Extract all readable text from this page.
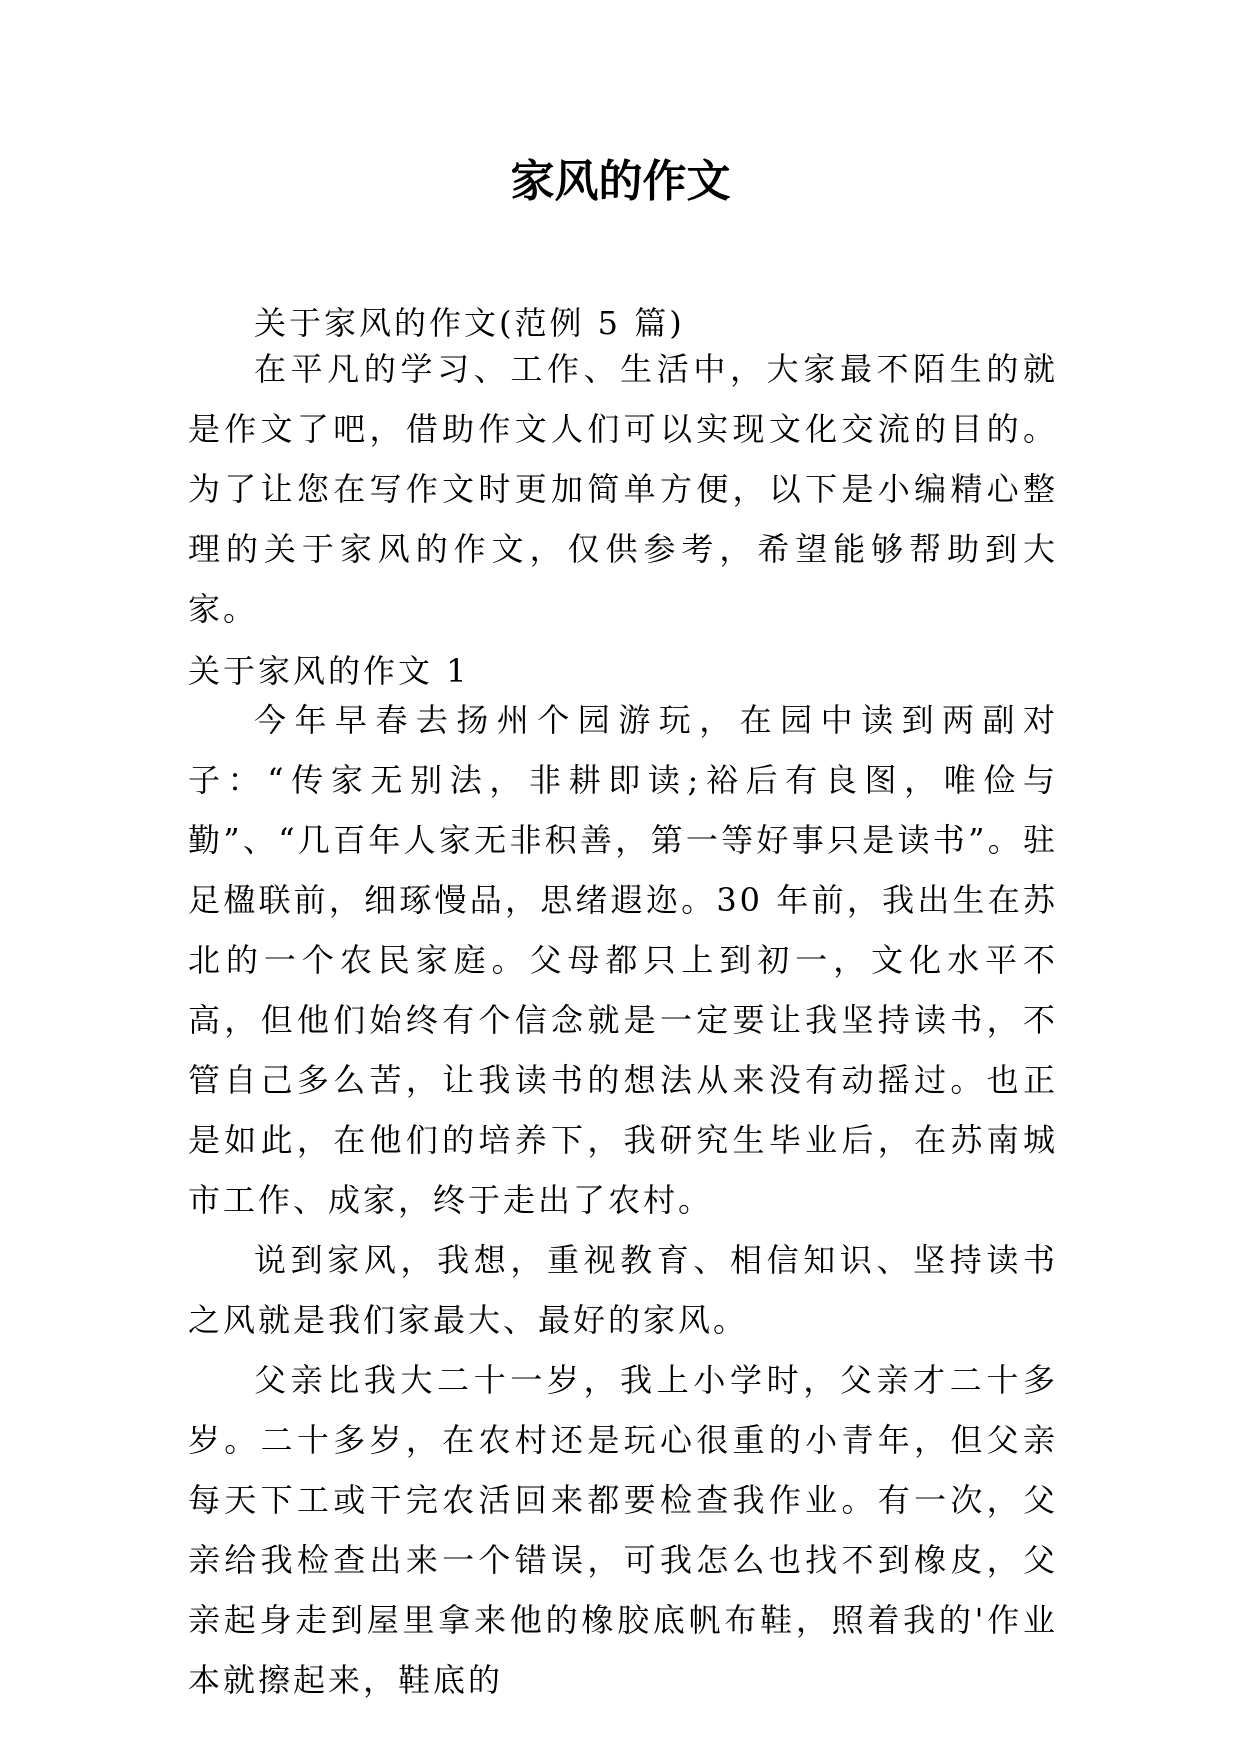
家风的作文

关于家风的作文(范例 5 篇)

在平凡的学习、工作、生活中，大家最不陌生的就是作文了吧，借助作文人们可以实现文化交流的目的。为了让您在写作文时更加简单方便，以下是小编精心整理的关于家风的作文，仅供参考，希望能够帮助到大家。

关于家风的作文 1

今年早春去扬州个园游玩，在园中读到两副对子：“传家无别法，非耕即读;裕后有良图，唯俭与勤”、“几百年人家无非积善，第一等好事只是读书”。驻足楹联前，细琢慢品，思绪遐迩。30 年前，我出生在苏北的一个农民家庭。父母都只上到初一，文化水平不高，但他们始终有个信念就是一定要让我坚持读书，不管自己多么苦，让我读书的想法从来没有动摇过。也正是如此，在他们的培养下，我研究生毕业后，在苏南城市工作、成家，终于走出了农村。

说到家风，我想，重视教育、相信知识、坚持读书之风就是我们家最大、最好的家风。

父亲比我大二十一岁，我上小学时，父亲才二十多岁。二十多岁，在农村还是玩心很重的小青年，但父亲每天下工或干完农活回来都要检查我作业。有一次，父亲给我检查出来一个错误，可我怎么也找不到橡皮，父亲起身走到屋里拿来他的橡胶底帆布鞋，照着我的'作业本就擦起来，鞋底的
